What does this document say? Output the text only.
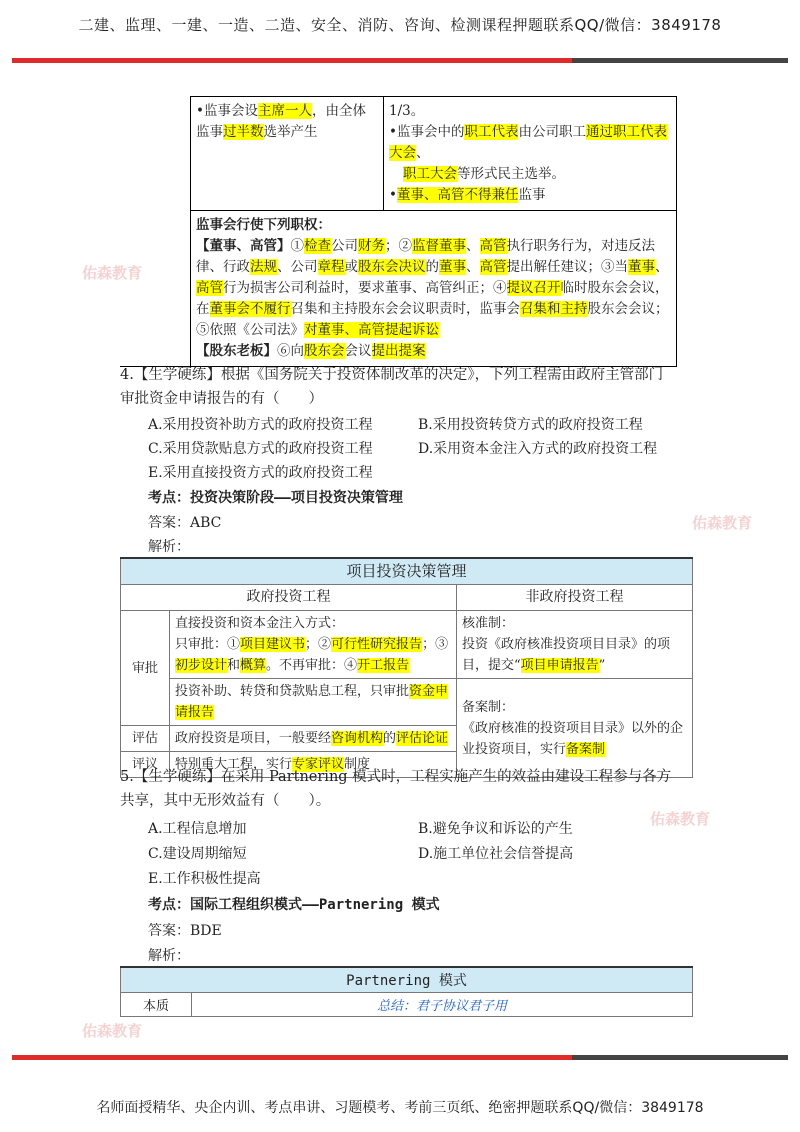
二建、监理、一建、一造、二造、安全、消防、咨询、检测课程押题联系QQ/微信：3849178
佑森教育
佑森教育
佑森教育
佑森教育
	•监事会设主席一人，由全体
监事过半数选举产生	1/3。
•监事会中的职工代表由公司职工通过职工代表大会、
职工大会等形式民主选举。
•董事、高管不得兼任监事
监事会行使下列职权：
【董事、高管】①检查公司财务；②监督董事、高管执行职务行为，对违反法律、行政法规、公司章程或股东会决议的董事、高管提出解任建议；③当董事、高管行为损害公司利益时，要求董事、高管纠正；④提议召开临时股东会会议，在董事会不履行召集和主持股东会会议职责时，监事会召集和主持股东会会议；⑤依照《公司法》对董事、高管提起诉讼
【股东老板】⑥向股东会会议提出提案
4.【生学硬练】根据《国务院关于投资体制改革的决定》，下列工程需由政府主管部门
审批资金申请报告的有（　　）
A.采用投资补助方式的政府投资工程	B.采用投资转贷方式的政府投资工程
C.采用贷款贴息方式的政府投资工程	D.采用资本金注入方式的政府投资工程
E.采用直接投资方式的政府投资工程
考点：投资决策阶段——项目投资决策管理
答案：ABC
解析：
项目投资决策管理		
政府投资工程		非政府投资工程
审批	直接投资和资本金注入方式：
只审批：①项目建议书；②可行性研究报告；③
初步设计和概算。不再审批：④开工报告	核准制：
投资《政府核准投资项目目录》的项目，提交“项目申请报告”
	投资补助、转贷和贷款贴息工程，只审批资金申请报告	备案制：
《政府核准的投资项目目录》以外的企业投资项目，实行备案制
评估	政府投资是项目，一般要经咨询机构的评估论证	
评议	特别重大工程，实行专家评议制度	
5.【生学硬练】在采用 Partnering 模式时，工程实施产生的效益由建设工程参与各方
共享，其中无形效益有（　　）。
A.工程信息增加	B.避免争议和诉讼的产生
C.建设周期缩短	D.施工单位社会信誉提高
E.工作积极性提高
考点：国际工程组织模式——Partnering 模式
答案：BDE
解析：
Partnering 模式
本质	总结：君子协议君子用
名师面授精华、央企内训、考点串讲、习题模考、考前三页纸、绝密押题联系QQ/微信：3849178
